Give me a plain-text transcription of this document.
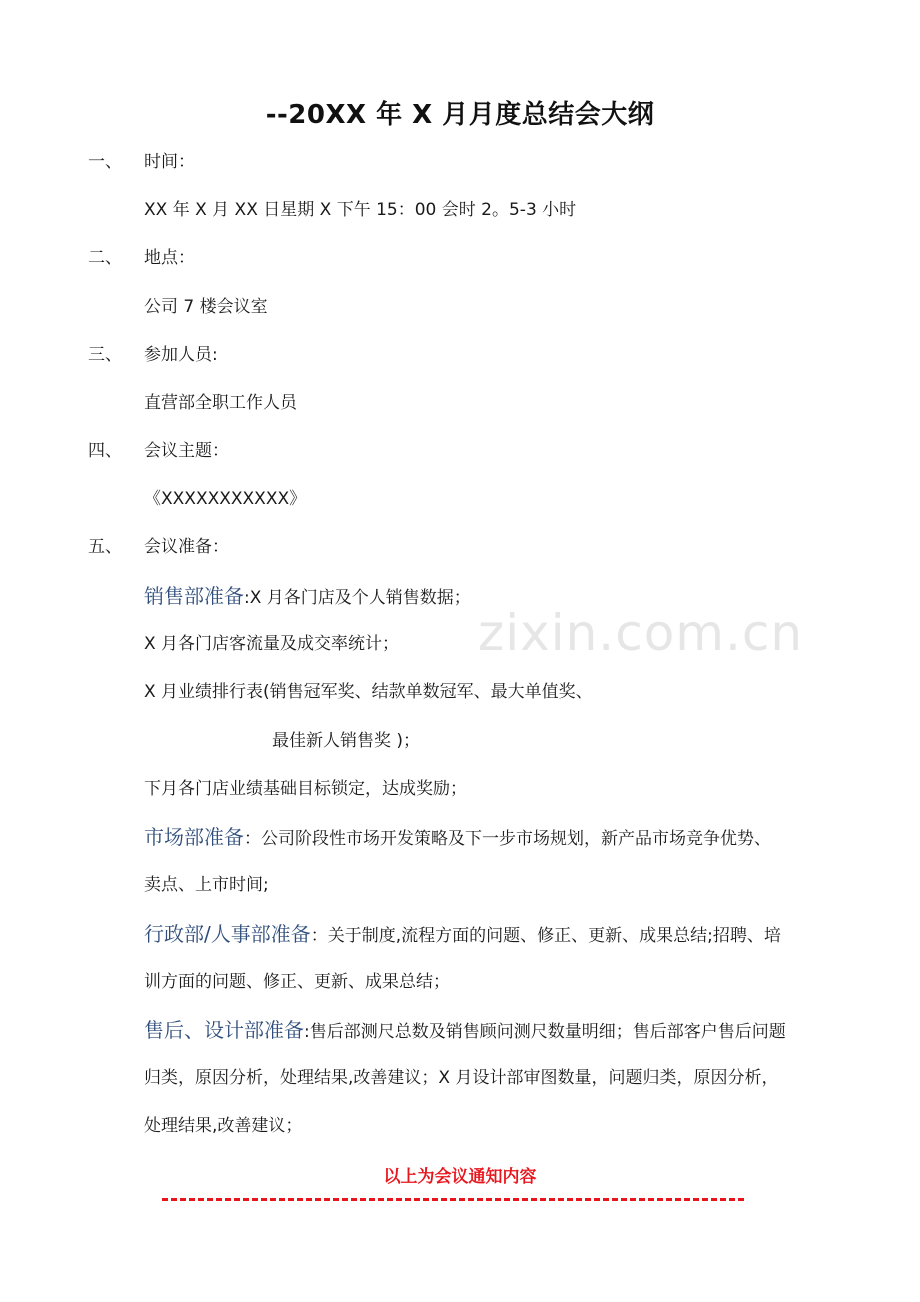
--20XX 年 X 月月度总结会大纲
一、 时间：
XX 年 X 月 XX 日星期 X 下午 15：00 会时 2。5-3 小时
二、 地点：
公司 7 楼会议室
三、 参加人员:
直营部全职工作人员
四、 会议主题：
《XXXXXXXXXXX》
五、 会议准备：
销售部准备:X 月各门店及个人销售数据；
X 月各门店客流量及成交率统计；
X 月业绩排行表(销售冠军奖、结款单数冠军、最大单值奖、
最佳新人销售奖 )；
下月各门店业绩基础目标锁定，达成奖励；
市场部准备：公司阶段性市场开发策略及下一步市场规划，新产品市场竞争优势、
卖点、上市时间;
行政部/人事部准备：关于制度,流程方面的问题、修正、更新、成果总结;招聘、培
训方面的问题、修正、更新、成果总结；
售后、设计部准备:售后部测尺总数及销售顾问测尺数量明细；售后部客户售后问题
归类，原因分析，处理结果,改善建议；X 月设计部审图数量，问题归类，原因分析，
处理结果,改善建议；
zixin.com.cn
以上为会议通知内容
